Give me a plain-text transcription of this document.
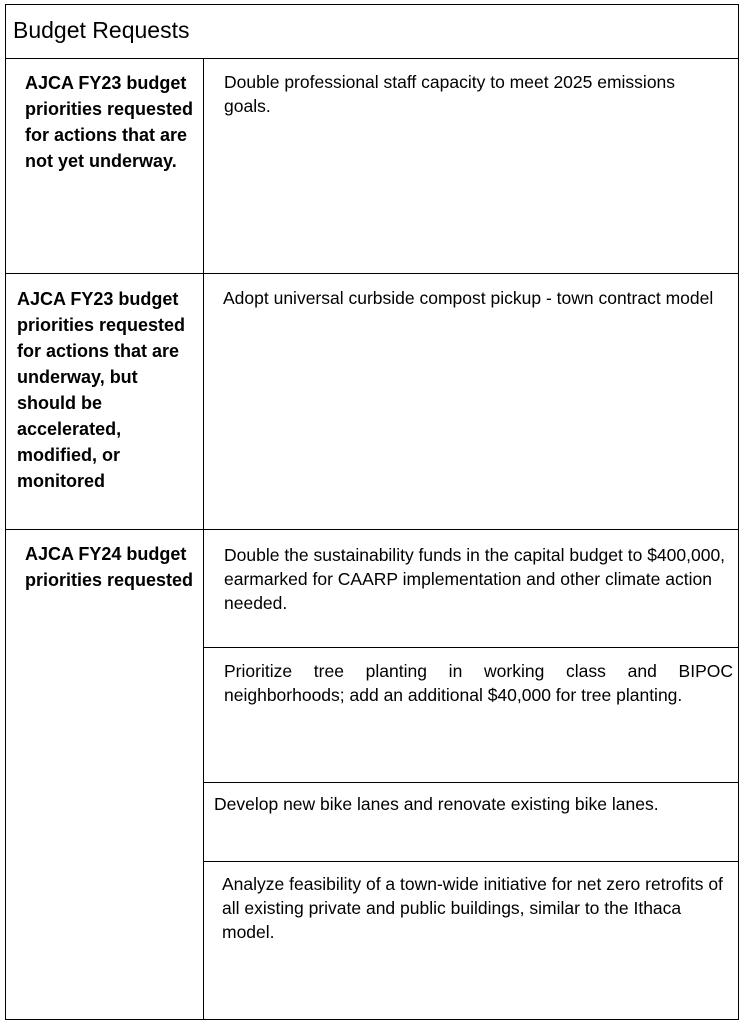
Budget Requests

AJCA FY23 budget priorities requested for actions that are not yet underway.

Double professional staff capacity to meet 2025 emissions goals.

AJCA FY23 budget priorities requested for actions that are underway, but should be accelerated, modified, or monitored

Adopt universal curbside compost pickup - town contract model

AJCA FY24 budget priorities requested

Double the sustainability funds in the capital budget to $400,000, earmarked for CAARP implementation and other climate action needed.

Prioritize tree planting in working class and BIPOC neighborhoods; add an additional $40,000 for tree planting.

Develop new bike lanes and renovate existing bike lanes.

Analyze feasibility of a town-wide initiative for net zero retrofits of all existing private and public buildings, similar to the Ithaca model.
